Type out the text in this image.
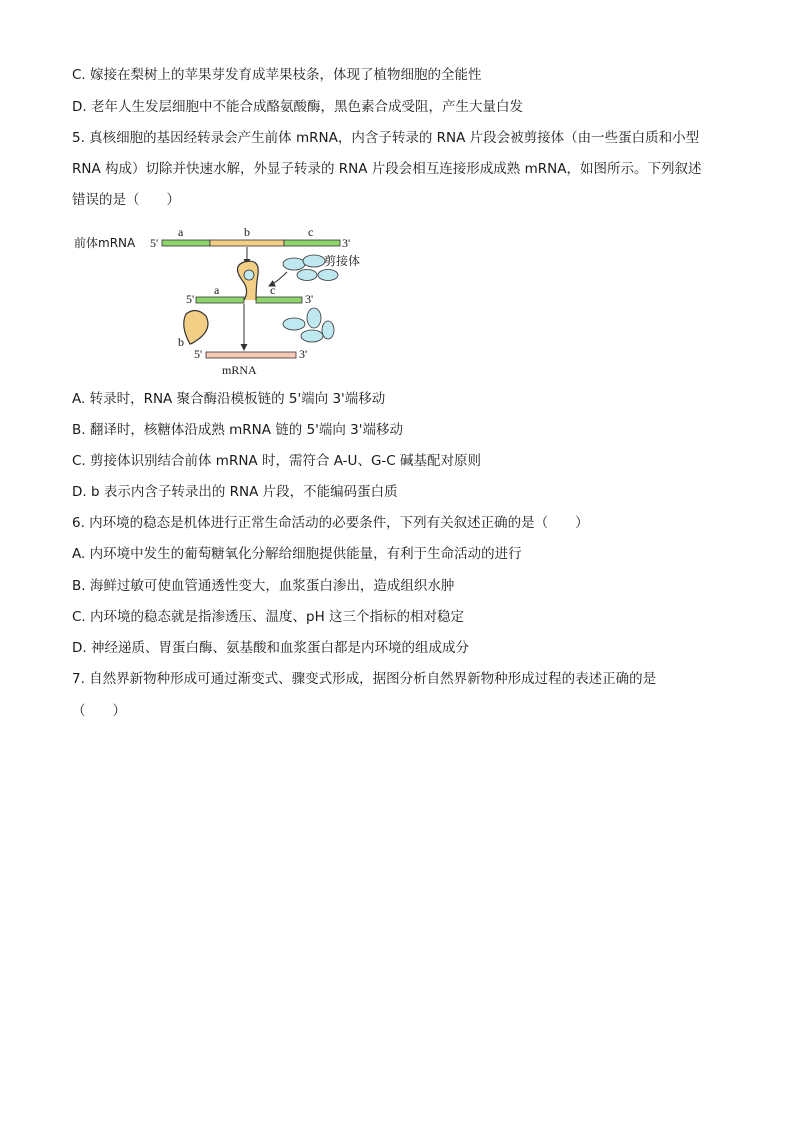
C. 嫁接在梨树上的苹果芽发育成苹果枝条，体现了植物细胞的全能性

D. 老年人生发层细胞中不能合成酪氨酸酶，黑色素合成受阻，产生大量白发

5. 真核细胞的基因经转录会产生前体 mRNA，内含子转录的 RNA 片段会被剪接体（由一些蛋白质和小型

RNA 构成）切除并快速水解，外显子转录的 RNA 片段会相互连接形成成熟 mRNA，如图所示。下列叙述

错误的是（　　）

前体mRNA 5'	3'
a	b	c
剪接体
5'	3'
a	c
b
5'	3'
mRNA

A. 转录时，RNA 聚合酶沿模板链的 5'端向 3'端移动

B. 翻译时，核糖体沿成熟 mRNA 链的 5'端向 3'端移动

C. 剪接体识别结合前体 mRNA 时，需符合 A-U、G-C 碱基配对原则

D. b 表示内含子转录出的 RNA 片段，不能编码蛋白质

6. 内环境的稳态是机体进行正常生命活动的必要条件，下列有关叙述正确的是（　　）

A. 内环境中发生的葡萄糖氧化分解给细胞提供能量，有利于生命活动的进行

B. 海鲜过敏可使血管通透性变大，血浆蛋白渗出，造成组织水肿

C. 内环境的稳态就是指渗透压、温度、pH 这三个指标的相对稳定

D. 神经递质、胃蛋白酶、氨基酸和血浆蛋白都是内环境的组成成分

7. 自然界新物种形成可通过渐变式、骤变式形成，据图分析自然界新物种形成过程的表述正确的是

（　　）
